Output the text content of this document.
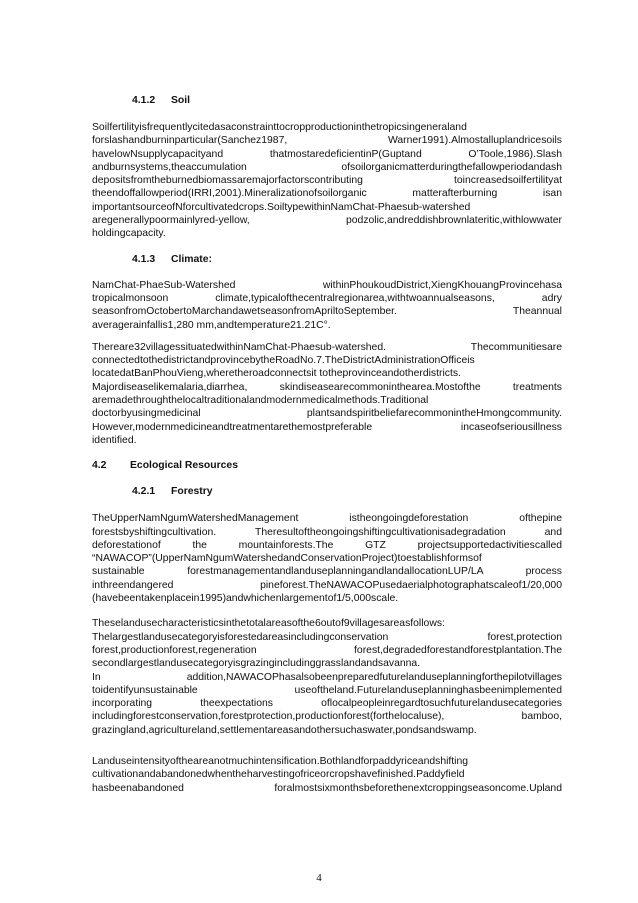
4.1.2 Soil
Soilfertilityisfrequentlycitedasaconstrainttocropproductioninthetropicsingeneraland
forslashandburninparticular(Sanchez1987, Warner1991).Almostalluplandricesoils
havelowNsupplycapacityand thatmostaredeficientinP(Guptand O’Toole,1986).Slash
andburnsystems,theaccumulation ofsoilorganicmatterduringthefallowperiodandash
depositsfromtheburnedbiomassaremajorfactorscontributing toincreasedsoilfertilityat
theendoffallowperiod(IRRI,2001).Mineralizationofsoilorganic matterafterburning isan
importantsourceofNforcultivatedcrops.SoiltypewithinNamChat-Phaesub-watershed
aregenerallypoormainlyred-yellow, podzolic,andreddishbrownlateritic,withlowwater
holdingcapacity.
4.1.3 Climate:
NamChat-PhaeSub-Watershed withinPhoukoudDistrict,XiengKhouangProvincehasa
tropicalmonsoon climate,typicalofthecentralregionarea,withtwoannualseasons, adry
seasonfromOctobertoMarchandawetseasonfromApriltoSeptember. Theannual
averagerainfallis1,280 mm,andtemperature21.21C°.
Thereare32villagessituatedwithinNamChat-Phaesub-watershed. Thecommunitiesare
connectedtothedistrictandprovincebytheRoadNo.7.TheDistrictAdministrationOfficeis
locatedatBanPhouVieng,wheretheroadconnectsit totheprovinceandotherdistricts.
Majordiseaselikemalaria,diarrhea, skindiseasearecommoninthearea.Mostofthe treatments
aremadethroughthelocaltraditionalandmodernmedicalmethods.Traditional
doctorbyusingmedicinal plantsandspiritbeliefarecommonintheHmongcommunity.
However,modernmedicineandtreatmentarethemostpreferable incaseofseriousillness
identified.
4.2 Ecological Resources
4.2.1 Forestry
TheUpperNamNgumWatershedManagement istheongoingdeforestation ofthepine
forestsbyshiftingcultivation. Theresultoftheongoingshiftingcultivationisadegradation and
deforestationof the mountainforests.The GTZ projectsupportedactivitiescalled
“NAWACOP”(UpperNamNgumWatershedandConservationProject)toestablishformsof
sustainable forestmanagementandlanduseplanningandlandallocationLUP/LA process
inthreendangered pineforest.TheNAWACOPusedaerialphotographatscaleof1/20,000
(havebeentakenplacein1995)andwhichenlargementof1/5,000scale.
Theselandusecharacteristicsinthetotalareasofthe6outof9villagesareasfollows:
Thelargestlandusecategoryisforestedareasincludingconservation forest,protection
forest,productionforest,regeneration forest,degradedforestandforestplantation.The
secondlargestlandusecategoryisgrazingincludinggrasslandandsavanna.
In addition,NAWACOPhasalsobeenpreparedfuturelanduseplanningforthepilotvillages
toidentifyunsustainable useoftheland.Futurelanduseplanninghasbeenimplemented
incorporating theexpectations oflocalpeopleinregardtosuchfuturelandusecategories
includingforestconservation,forestprotection,productionforest(forthelocaluse), bamboo,
grazingland,agricultureland,settlementareasandothersuchaswater,pondsandswamp.
Landuseintensityoftheareanotmuchintensification.Bothlandforpaddyriceandshifting
cultivationandabandonedwhentheharvestingofriceorcropshavefinished.Paddyfield
hasbeenabandoned foralmostsixmonthsbeforethenextcroppingseasoncome.Upland
4
